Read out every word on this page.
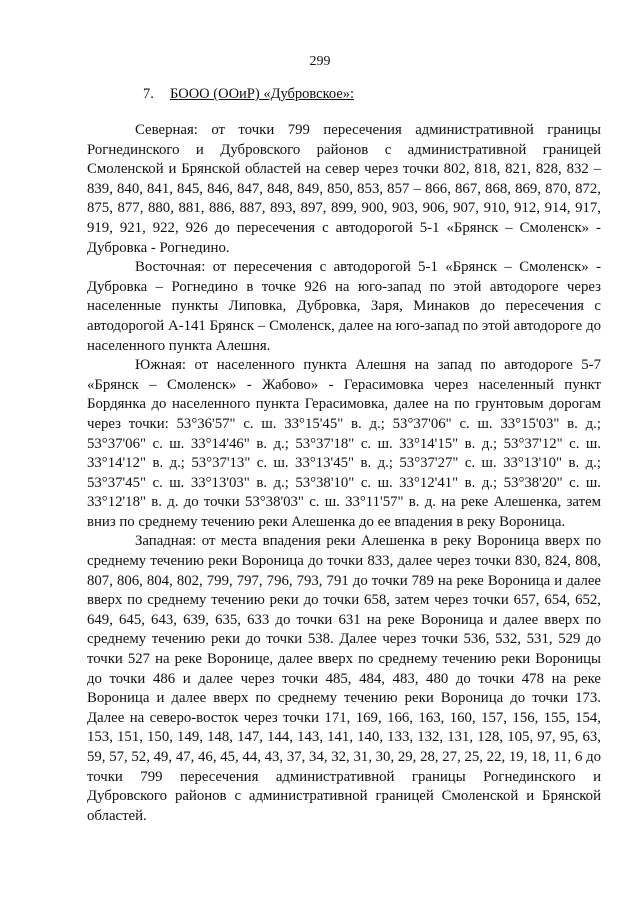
299
7. БООО (ООиР) «Дубровское»:

Северная: от точки 799 пересечения административной границы Рогнединского и Дубровского районов с административной границей Смоленской и Брянской областей на север через точки 802, 818, 821, 828, 832 – 839, 840, 841, 845, 846, 847, 848, 849, 850, 853, 857 – 866, 867, 868, 869, 870, 872, 875, 877, 880, 881, 886, 887, 893, 897, 899, 900, 903, 906, 907, 910, 912, 914, 917, 919, 921, 922, 926 до пересечения с автодорогой 5-1 «Брянск – Смоленск» - Дубровка - Рогнедино.

Восточная: от пересечения с автодорогой 5-1 «Брянск – Смоленск» - Дубровка – Рогнедино в точке 926 на юго-запад по этой автодороге через населенные пункты Липовка, Дубровка, Заря, Минаков до пересечения с автодорогой А-141 Брянск – Смоленск, далее на юго-запад по этой автодороге до населенного пункта Алешня.

Южная: от населенного пункта Алешня на запад по автодороге 5-7 «Брянск – Смоленск» - Жабово» - Герасимовка через населенный пункт Бордянка до населенного пункта Герасимовка, далее на по грунтовым дорогам через точки: 53°36'57" с. ш. 33°15'45" в. д.; 53°37'06" с. ш. 33°15'03" в. д.; 53°37'06" с. ш. 33°14'46" в. д.; 53°37'18" с. ш. 33°14'15" в. д.; 53°37'12" с. ш. 33°14'12" в. д.; 53°37'13" с. ш. 33°13'45" в. д.; 53°37'27" с. ш. 33°13'10" в. д.; 53°37'45" с. ш. 33°13'03" в. д.; 53°38'10" с. ш. 33°12'41" в. д.; 53°38'20" с. ш. 33°12'18" в. д. до точки 53°38'03" с. ш. 33°11'57" в. д. на реке Алешенка, затем вниз по среднему течению реки Алешенка до ее впадения в реку Вороница.

Западная: от места впадения реки Алешенка в реку Вороница вверх по среднему течению реки Вороница до точки 833, далее через точки 830, 824, 808, 807, 806, 804, 802, 799, 797, 796, 793, 791 до точки 789 на реке Вороница и далее вверх по среднему течению реки до точки 658, затем через точки 657, 654, 652, 649, 645, 643, 639, 635, 633 до точки 631 на реке Вороница и далее вверх по среднему течению реки до точки 538. Далее через точки 536, 532, 531, 529 до точки 527 на реке Воронице, далее вверх по среднему течению реки Вороницы до точки 486 и далее через точки 485, 484, 483, 480 до точки 478 на реке Вороница и далее вверх по среднему течению реки Вороница до точки 173. Далее на северо-восток через точки 171, 169, 166, 163, 160, 157, 156, 155, 154, 153, 151, 150, 149, 148, 147, 144, 143, 141, 140, 133, 132, 131, 128, 105, 97, 95, 63, 59, 57, 52, 49, 47, 46, 45, 44, 43, 37, 34, 32, 31, 30, 29, 28, 27, 25, 22, 19, 18, 11, 6 до точки 799 пересечения административной границы Рогнединского и Дубровского районов с административной границей Смоленской и Брянской областей.
